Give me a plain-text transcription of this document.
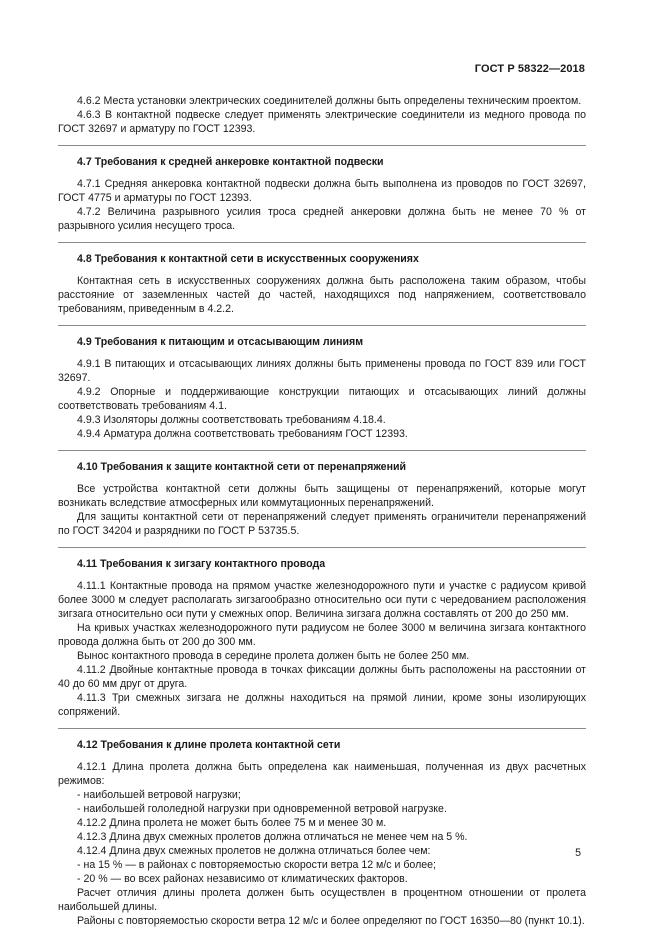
ГОСТ Р 58322—2018

4.6.2 Места установки электрических соединителей должны быть определены техническим проектом.

4.6.3 В контактной подвеске следует применять электрические соединители из медного провода по ГОСТ 32697 и арматуру по ГОСТ 12393.

4.7 Требования к средней анкеровке контактной подвески

4.7.1 Средняя анкеровка контактной подвески должна быть выполнена из проводов по ГОСТ 32697, ГОСТ 4775 и арматуры по ГОСТ 12393.

4.7.2 Величина разрывного усилия троса средней анкеровки должна быть не менее 70 % от разрывного усилия несущего троса.

4.8 Требования к контактной сети в искусственных сооружениях

Контактная сеть в искусственных сооружениях должна быть расположена таким образом, чтобы расстояние от заземленных частей до частей, находящихся под напряжением, соответствовало требованиям, приведенным в 4.2.2.

4.9 Требования к питающим и отсасывающим линиям

4.9.1 В питающих и отсасывающих линиях должны быть применены провода по ГОСТ 839 или ГОСТ 32697.

4.9.2 Опорные и поддерживающие конструкции питающих и отсасывающих линий должны соответствовать требованиям 4.1.

4.9.3 Изоляторы должны соответствовать требованиям 4.18.4.

4.9.4 Арматура должна соответствовать требованиям ГОСТ 12393.

4.10 Требования к защите контактной сети от перенапряжений

Все устройства контактной сети должны быть защищены от перенапряжений, которые могут возникать вследствие атмосферных или коммутационных перенапряжений.

Для защиты контактной сети от перенапряжений следует применять ограничители перенапряжений по ГОСТ 34204 и разрядники по ГОСТ Р 53735.5.

4.11 Требования к зигзагу контактного провода

4.11.1 Контактные провода на прямом участке железнодорожного пути и участке с радиусом кривой более 3000 м следует располагать зигзагообразно относительно оси пути с чередованием расположения зигзага относительно оси пути у смежных опор. Величина зигзага должна составлять от 200 до 250 мм.

На кривых участках железнодорожного пути радиусом не более 3000 м величина зигзага контактного провода должна быть от 200 до 300 мм.

Вынос контактного провода в середине пролета должен быть не более 250 мм.

4.11.2 Двойные контактные провода в точках фиксации должны быть расположены на расстоянии от 40 до 60 мм друг от друга.

4.11.3 Три смежных зигзага не должны находиться на прямой линии, кроме зоны изолирующих сопряжений.

4.12 Требования к длине пролета контактной сети

4.12.1 Длина пролета должна быть определена как наименьшая, полученная из двух расчетных режимов:

- наибольшей ветровой нагрузки;

- наибольшей гололедной нагрузки при одновременной ветровой нагрузке.

4.12.2 Длина пролета не может быть более 75 м и менее 30 м.

4.12.3 Длина двух смежных пролетов должна отличаться не менее чем на 5 %.

4.12.4 Длина двух смежных пролетов не должна отличаться более чем:

- на 15 % — в районах с повторяемостью скорости ветра 12 м/с и более;

- 20 % — во всех районах независимо от климатических факторов.

Расчет отличия длины пролета должен быть осуществлен в процентном отношении от пролета наибольшей длины.

Районы с повторяемостью скорости ветра 12 м/с и более определяют по ГОСТ 16350—80 (пункт 10.1).

5
